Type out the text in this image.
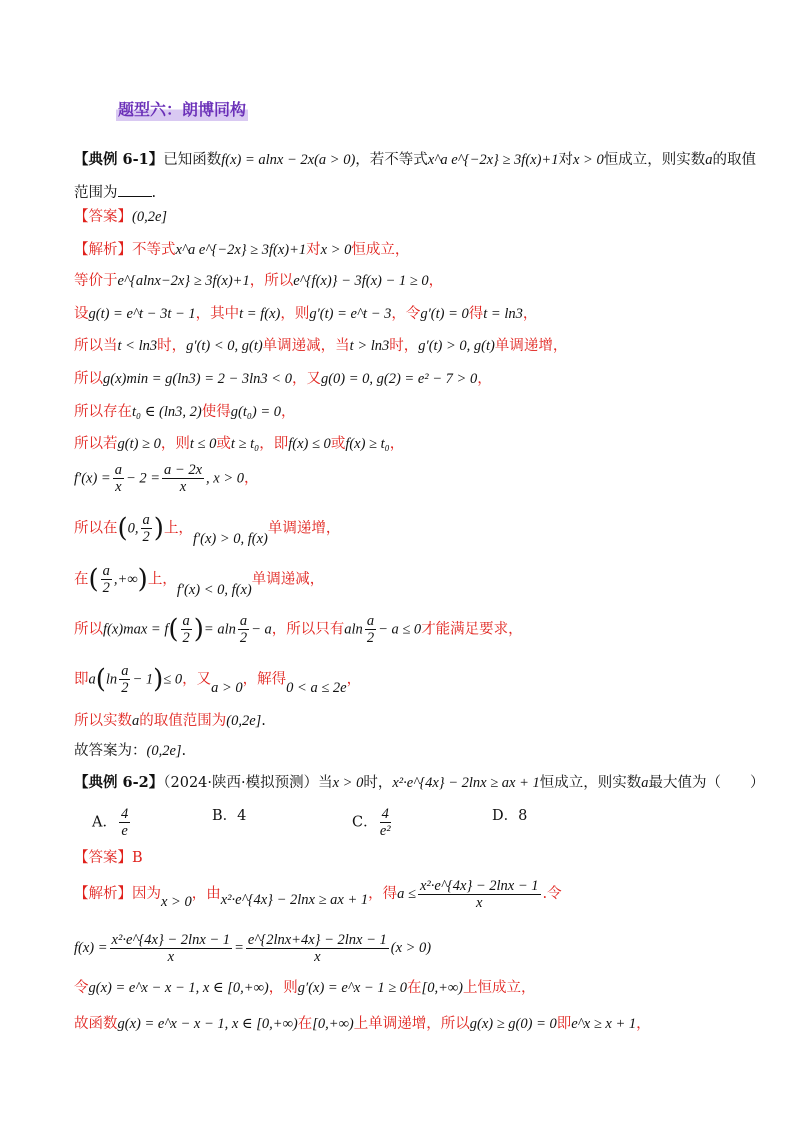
题型六：朗博同构
【典例 6-1】已知函数f(x) = alnx − 2x(a > 0)，若不等式x^a e^{−2x} ≥ 3f(x)+1对x > 0恒成立，则实数a的取值
范围为 .
【答案】(0,2e]
【解析】不等式x^a e^{−2x} ≥ 3f(x)+1对x > 0恒成立，
等价于e^{alnx−2x} ≥ 3f(x)+1，所以e^{f(x)} − 3f(x) − 1 ≥ 0，
设g(t) = e^t − 3t − 1，其中t = f(x)，则g′(t) = e^t − 3，令g′(t) = 0得t = ln3，
所以当t < ln3时，g′(t) < 0, g(t)单调递减，当t > ln3时，g′(t) > 0, g(t)单调递增，
所以g(x)min = g(ln3) = 2 − 3ln3 < 0，又g(0) = 0, g(2) = e² − 7 > 0，
所以存在t₀ ∈ (ln3, 2)使得g(t₀) = 0，
所以若g(t) ≥ 0，则t ≤ 0或t ≥ t₀，即f(x) ≤ 0或f(x) ≥ t₀，
$f'(x) = \frac{a}{x} - 2 = \frac{a - 2x}{x}$ , x > 0，
所以在(0, $\frac{a}{2}$ )上，f′(x) > 0, f(x)单调递增，
在( $\frac{a}{2}$ ,+∞)上，f′(x) < 0, f(x)单调递减，
所以$f(x)\max = f( \frac{a}{2}$ )= aln $\frac{a}{2} - a$，所以只有aln $\frac{a}{2} - a \le 0$才能满足要求，
即$a(\ln \frac{a}{2} - 1)\le 0$，又a > 0，解得0 < a ≤ 2e，
所以实数a的取值范围为(0,2e].
故答案为：(0,2e].
【典例 6-2】（2024·陕西·模拟预测）当x > 0时，x²·e^{4x} − 2lnx ≥ ax + 1恒成立，则实数a最大值为（　　）
A． $\frac{4}{e}$	B．4	C． $\frac{4}{\text{e²}}$	D．8
【答案】B
【解析】因为x > 0，由x²·e^{4x} − 2lnx ≥ ax + 1，得$a \le \frac{\text{x²·e\textasciicircum{}\{4x\} − 2lnx − 1}}{x}$ .令
$f(x) = \frac{\text{x²·e\textasciicircum{}\{4x\} − 2lnx − 1}}{x} = \frac{e\^{}\{2\ln x+4x\} - 2\ln x - 1}{x} (x > 0)$
令g(x) = e^x − x − 1, x ∈ [0,+∞)，则g′(x) = e^x − 1 ≥ 0在[0,+∞)上恒成立，
故函数g(x) = e^x − x − 1, x ∈ [0,+∞)在[0,+∞)上单调递增，所以g(x) ≥ g(0) = 0即e^x ≥ x + 1，
